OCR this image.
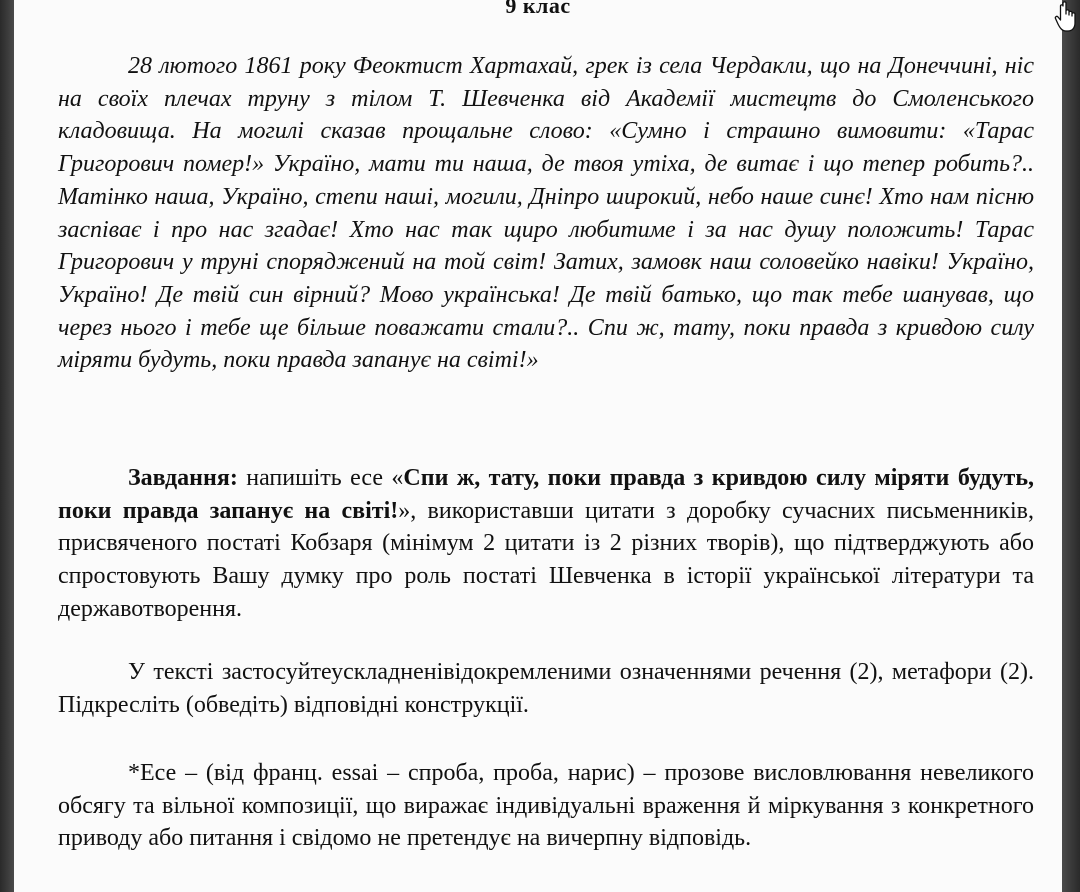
9 клас

28 лютого 1861 року Феоктист Хартахай, грек із села Чердакли, що на Донеччині, ніс на своїх плечах труну з тілом Т. Шевченка від Академії мистецтв до Смоленського кладовища. На могилі сказав прощальне слово: «Сумно і страшно вимовити: «Тарас Григорович помер!» Україно, мати ти наша, де твоя утіха, де витає і що тепер робить?.. Матінко наша, Україно, степи наші, могили, Дніпро широкий, небо наше синє! Хто нам пісню заспіває і про нас згадає! Хто нас так щиро любитиме і за нас душу положить! Тарас Григорович у труні споряджений на той світ! Затих, замовк наш соловейко навіки! Україно, Україно! Де твій син вірний? Мово українська! Де твій батько, що так тебе шанував, що через нього і тебе ще більше поважати стали?.. Спи ж, тату, поки правда з кривдою силу міряти будуть, поки правда запанує на світі!»

Завдання: напишіть есе «Спи ж, тату, поки правда з кривдою силу міряти будуть, поки правда запанує на світі!», використавши цитати з доробку сучасних письменників, присвяченого постаті Кобзаря (мінімум 2 цитати із 2 різних творів), що підтверджують або спростовують Вашу думку про роль постаті Шевченка в історії української літератури та державотворення.

У тексті застосуйтеускладненівідокремленими означеннями речення (2), метафори (2). Підкресліть (обведіть) відповідні конструкції.

*Есе – (від франц. essai – спроба, проба, нарис) – прозове висловлювання невеликого обсягу та вільної композиції, що виражає індивідуальні враження й міркування з конкретного приводу або питання і свідомо не претендує на вичерпну відповідь.
